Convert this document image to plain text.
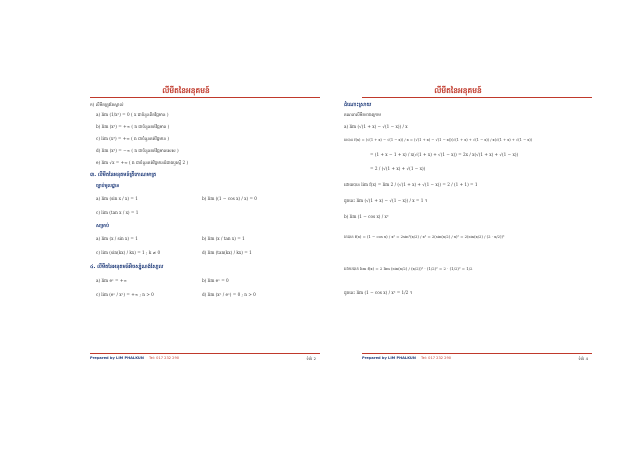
លីមីតនៃអនុគមន៍
ក) លីមីតត្រូវតែស្គាល់
a) lim (1/x²) = 0 ( x ជាចំនួនពិតវិជ្ជមាន )
b) lim (x²) = +∞ ( n ជាចំនួនគត់វិជ្ជមាន )
c) lim (x³) = +∞ ( n ជាចំនួនគត់វិជ្ជមាន )
d) lim (x²) = −∞ ( n ជាចំនួនគត់វិជ្ជមានសេស )
e) lim √x = +∞ ( n ជាចំនួនគត់វិជ្ជមានធំជាងឬស្មើ 2 )
៣. លីមីតនៃអនុគមន៍ត្រីកោណមាត្រ
ច្បាប់មូលដ្ឋាន
a) lim (sin x / x) = 1	b) lim ((1 − cos x) / x) = 0
c) lim (tan x / x) = 1
សម្រាប់
a) lim (x / sin x) = 1	b) lim (x / tan x) = 1
c) lim (sin(kx) / kx) = 1 ; k ≠ 0	d) lim (tan(kx) / kx) = 1
៤. លីមីតនៃអនុគមន៍អិចស្ប៉ូណង់ស្យែល
a) lim eˣ = +∞	b) lim eˣ = 0
c) lim (eˣ / xⁿ) = +∞ ; n > 0	d) lim (xⁿ / eˣ) = 0 ; n > 0
Prepared by LIM PHALKUN Tel: 017 232 290	ទំព័រ 2
លីមីតនៃអនុគមន៍
ដំណោះស្រាយ
គណនាលីមីតខាងក្រោម
a) lim (√(1 + x) − √(1 − x)) / x
គេបាន f(x) = (√(1 + x) − √(1 − x)) / x = (√(1 + x) − √(1 − x))(√(1 + x) + √(1 − x)) / x(√(1 + x) + √(1 − x))
= (1 + x − 1 + x) / x(√(1 + x) + √(1 − x)) = 2x / x(√(1 + x) + √(1 − x))
= 2 / (√(1 + x) + √(1 − x))
ដោយបាន lim f(x) = lim 2 / (√(1 + x) + √(1 − x)) = 2 / (1 + 1) = 1
ដូចនេះ lim (√(1 + x) − √(1 − x)) / x = 1 ។
b) lim (1 − cos x) / x²
គេបាន f(x) = (1 − cos x) / x² = 2sin²(x/2) / x² = 2(sin(x/2) / x)² = 2(sin(x/2) / (2 · x/2))²
ដោយបាន lim f(x) = 2 lim (sin(x/2) / (x/2))² · (1/2)² = 2 · (1/2)² = 1/2
ដូចនេះ lim (1 − cos x) / x² = 1/2 ។
Prepared by LIM PHALKUN Tel: 017 232 290	ទំព័រ 4
